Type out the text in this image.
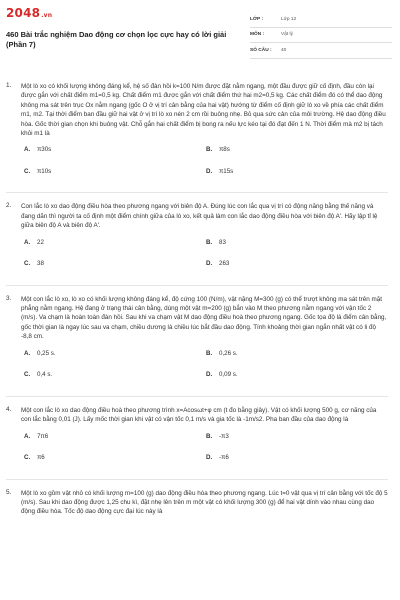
2048.vn
460 Bài trắc nghiệm Dao động cơ chọn lọc cực hay có lời giải (Phần 7)
LỚP :	Lớp 12
MÔN :	Vật lý
SỐ CÂU :	40
1. Một lò xo có khối lượng không đáng kể, hệ số đàn hồi k=100 N/m được đặt nằm ngang, một đầu được giữ cố định, đầu còn lại được gắn với chất điểm m1=0,5 kg. Chất điểm m1 được gắn với chất điểm thứ hai m2=0,5 kg. Các chất điểm đó có thể dao động không ma sát trên trục Ox nằm ngang (gốc O ở vị trí cân bằng của hai vật) hướng từ điểm cố định giữ lò xo về phía các chất điểm m1, m2. Tại thời điểm ban đầu giữ hai vật ở vị trí lò xo nén 2 cm rồi buông nhẹ. Bỏ qua sức cản của môi trường. Hệ dao động điều hòa. Gốc thời gian chọn khi buông vật. Chỗ gắn hai chất điểm bị bong ra nếu lực kéo tại đó đạt đến 1 N. Thời điểm mà m2 bị tách khỏi m1 là

A. π30s	B. π8s
C. π10s	D. π15s
2. Con lắc lò xo dao động điều hòa theo phương ngang với biên độ A. Đúng lúc con lắc qua vị trí có động năng bằng thế năng và đang dãn thì người ta cố định một điểm chính giữa của lò xo, kết quả làm con lắc dao động điều hòa với biên độ A'. Hãy lập tỉ lệ giữa biên độ A và biên độ A'.

A. 22	B. 83
C. 38	D. 263
3. Một con lắc lò xo, lò xo có khối lượng không đáng kể, độ cứng 100 (N/m), vật nặng M=300 (g) có thể trượt không ma sát trên mặt phẳng nằm ngang. Hệ đang ở trạng thái cân bằng, dùng một vật m=200 (g) bắn vào M theo phương nằm ngang với vận tốc 2 (m/s). Va chạm là hoàn toàn đàn hồi. Sau khi va chạm vật M dao động điều hoà theo phương ngang. Gốc tọa độ là điểm cân bằng, gốc thời gian là ngay lúc sau va chạm, chiều dương là chiều lúc bắt đầu dao động. Tính khoảng thời gian ngắn nhất vật có li độ -8,8 cm.

A. 0,25 s.	B. 0,26 s.
C. 0,4 s.	D. 0,09 s.
4. Một con lắc lò xo dao động điều hoà theo phương trình x=Acosωt+φ cm (t đo bằng giây). Vật có khối lượng 500 g, cơ năng của con lắc bằng 0,01 (J). Lấy mốc thời gian khi vật có vận tốc 0,1 m/s và gia tốc là -1m/s2. Pha ban đầu của dao động là

A. 7π6	B. -π3
C. π6	D. -π6
5. Một lò xo gồm vật nhỏ có khối lượng m=100 (g) dao động điều hòa theo phương ngang. Lúc t=0 vật qua vị trí cân bằng với tốc độ 5 (m/s). Sau khi dao động được 1,25 chu kì, đặt nhẹ lên trên m một vật có khối lượng 300 (g) để hai vật dính vào nhau cùng dao động điều hòa. Tốc độ dao động cực đại lúc này là
